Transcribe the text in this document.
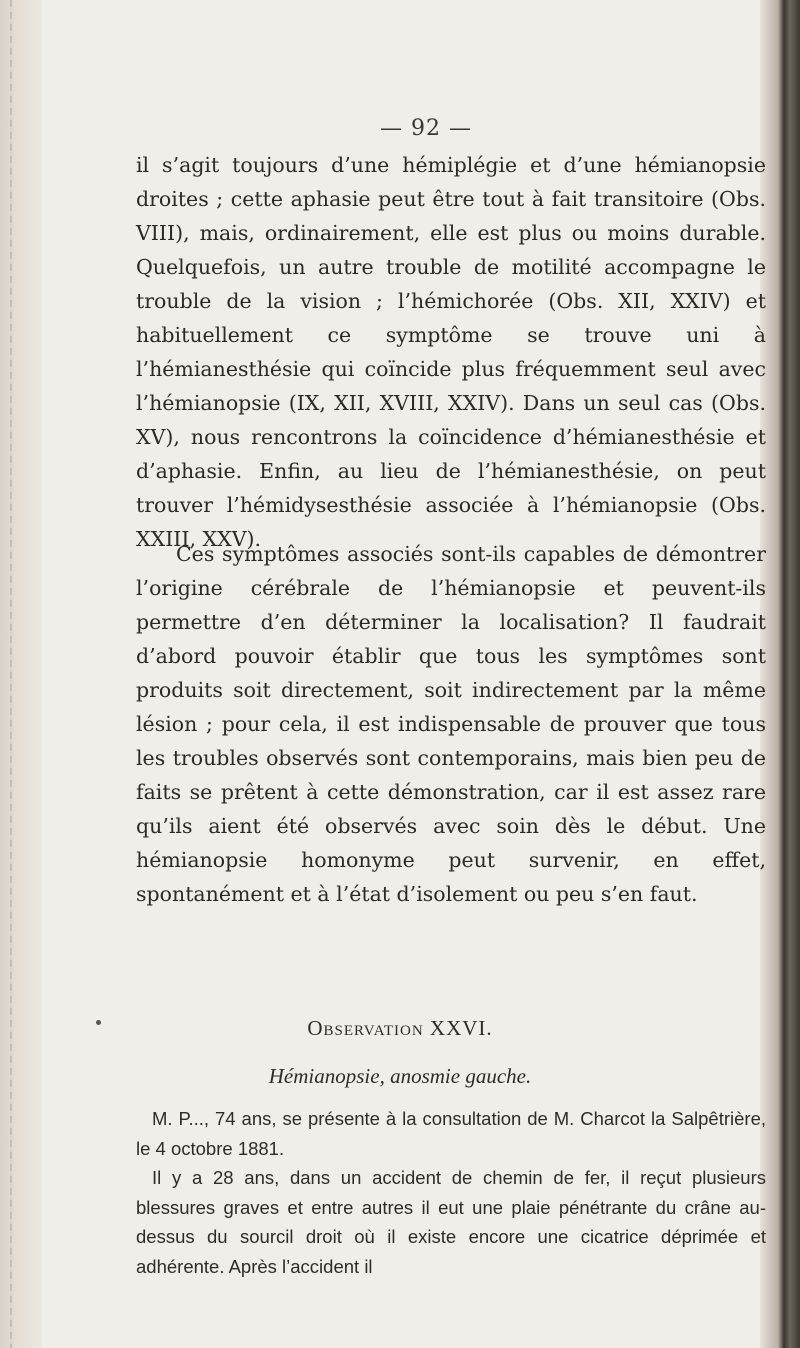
— 92 —

il s’agit toujours d’une hémiplégie et d’une hémianopsie droites ; cette aphasie peut être tout à fait transitoire (Obs. VIII), mais, ordinairement, elle est plus ou moins durable. Quelquefois, un autre trouble de motilité accompagne le trouble de la vision ; l’hémichorée (Obs. XII, XXIV) et habituellement ce symptôme se trouve uni à l’hémianesthésie qui coïncide plus fréquemment seul avec l’hémianopsie (IX, XII, XVIII, XXIV). Dans un seul cas (Obs. XV), nous rencontrons la coïncidence d’hémianesthésie et d’aphasie. Enfin, au lieu de l’hémianesthésie, on peut trouver l’hémidysesthésie associée à l’hémianopsie (Obs. XXIII, XXV).

Ces symptômes associés sont-ils capables de démontrer l’origine cérébrale de l’hémianopsie et peuvent-ils permettre d’en déterminer la localisation? Il faudrait d’abord pouvoir établir que tous les symptômes sont produits soit directement, soit indirectement par la même lésion ; pour cela, il est indispensable de prouver que tous les troubles observés sont contemporains, mais bien peu de faits se prêtent à cette démonstration, car il est assez rare qu’ils aient été observés avec soin dès le début. Une hémianopsie homonyme peut survenir, en effet, spontanément et à l’état d’isolement ou peu s’en faut.

Observation XXVI.
Hémianopsie, anosmie gauche.

M. P..., 74 ans, se présente à la consultation de M. Charcot la Salpêtrière, le 4 octobre 1881.

Il y a 28 ans, dans un accident de chemin de fer, il reçut plusieurs blessures graves et entre autres il eut une plaie pénétrante du crâne au-dessus du sourcil droit où il existe encore une cicatrice déprimée et adhérente. Après l’accident il
